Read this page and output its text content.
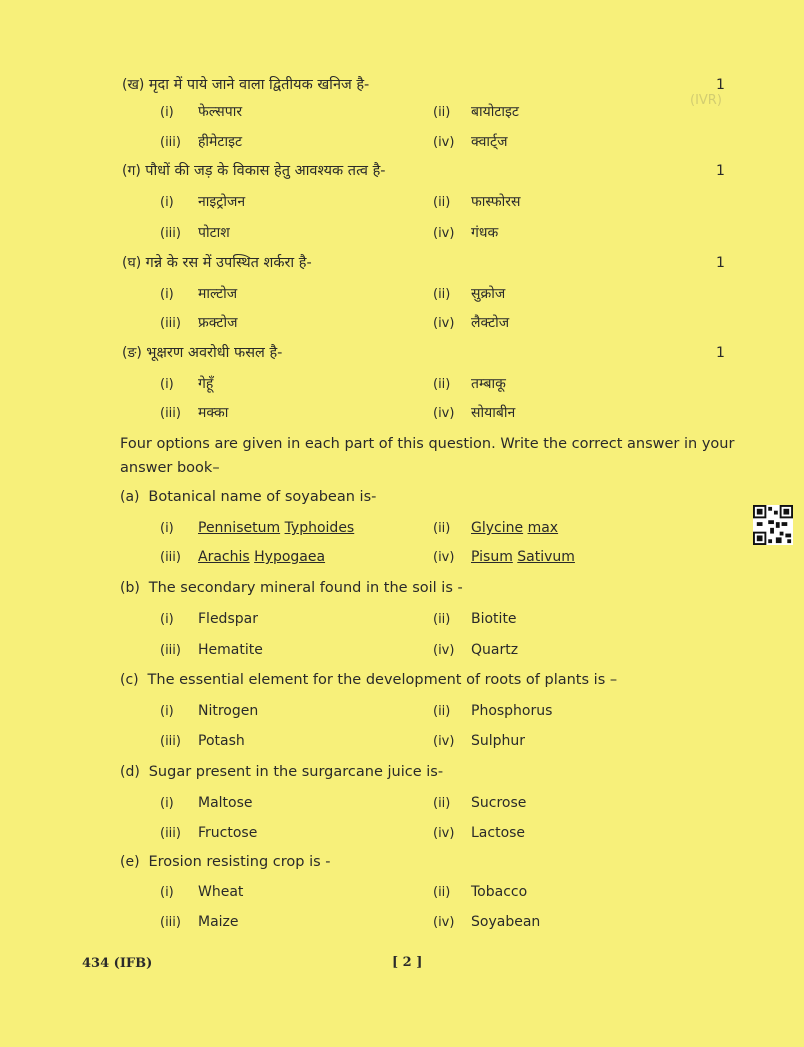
(IVR)
(ख) मृदा में पाये जाने वाला द्वितीयक खनिज है-	1
(i) फेल्सपार	(ii) बायोटाइट
(iii) हीमेटाइट	(iv) क्वार्ट्ज
(ग) पौधों की जड़ के विकास हेतु आवश्यक तत्व है-	1
(i) नाइट्रोजन	(ii) फास्फोरस
(iii) पोटाश	(iv) गंधक
(घ) गन्ने के रस में उपस्थित शर्करा है-	1
(i) माल्टोज	(ii) सुक्रोज
(iii) फ्रक्टोज	(iv) लैक्टोज
(ङ) भूक्षरण अवरोधी फसल है-	1
(i) गेहूँ	(ii) तम्बाकू
(iii) मक्का	(iv) सोयाबीन
Four options are given in each part of this question. Write the correct answer in your answer book–
(a) Botanical name of soyabean is-
(i) Pennisetum Typhoides	(ii) Glycine max
(iii) Arachis Hypogaea	(iv) Pisum Sativum
(b) The secondary mineral found in the soil is -
(i) Fledspar	(ii) Biotite
(iii) Hematite	(iv) Quartz
(c) The essential element for the development of roots of plants is –
(i) Nitrogen	(ii) Phosphorus
(iii) Potash	(iv) Sulphur
(d) Sugar present in the surgarcane juice is-
(i) Maltose	(ii) Sucrose
(iii) Fructose	(iv) Lactose
(e) Erosion resisting crop is -
(i) Wheat	(ii) Tobacco
(iii) Maize	(iv) Soyabean
434 (IFB)	[ 2 ]
